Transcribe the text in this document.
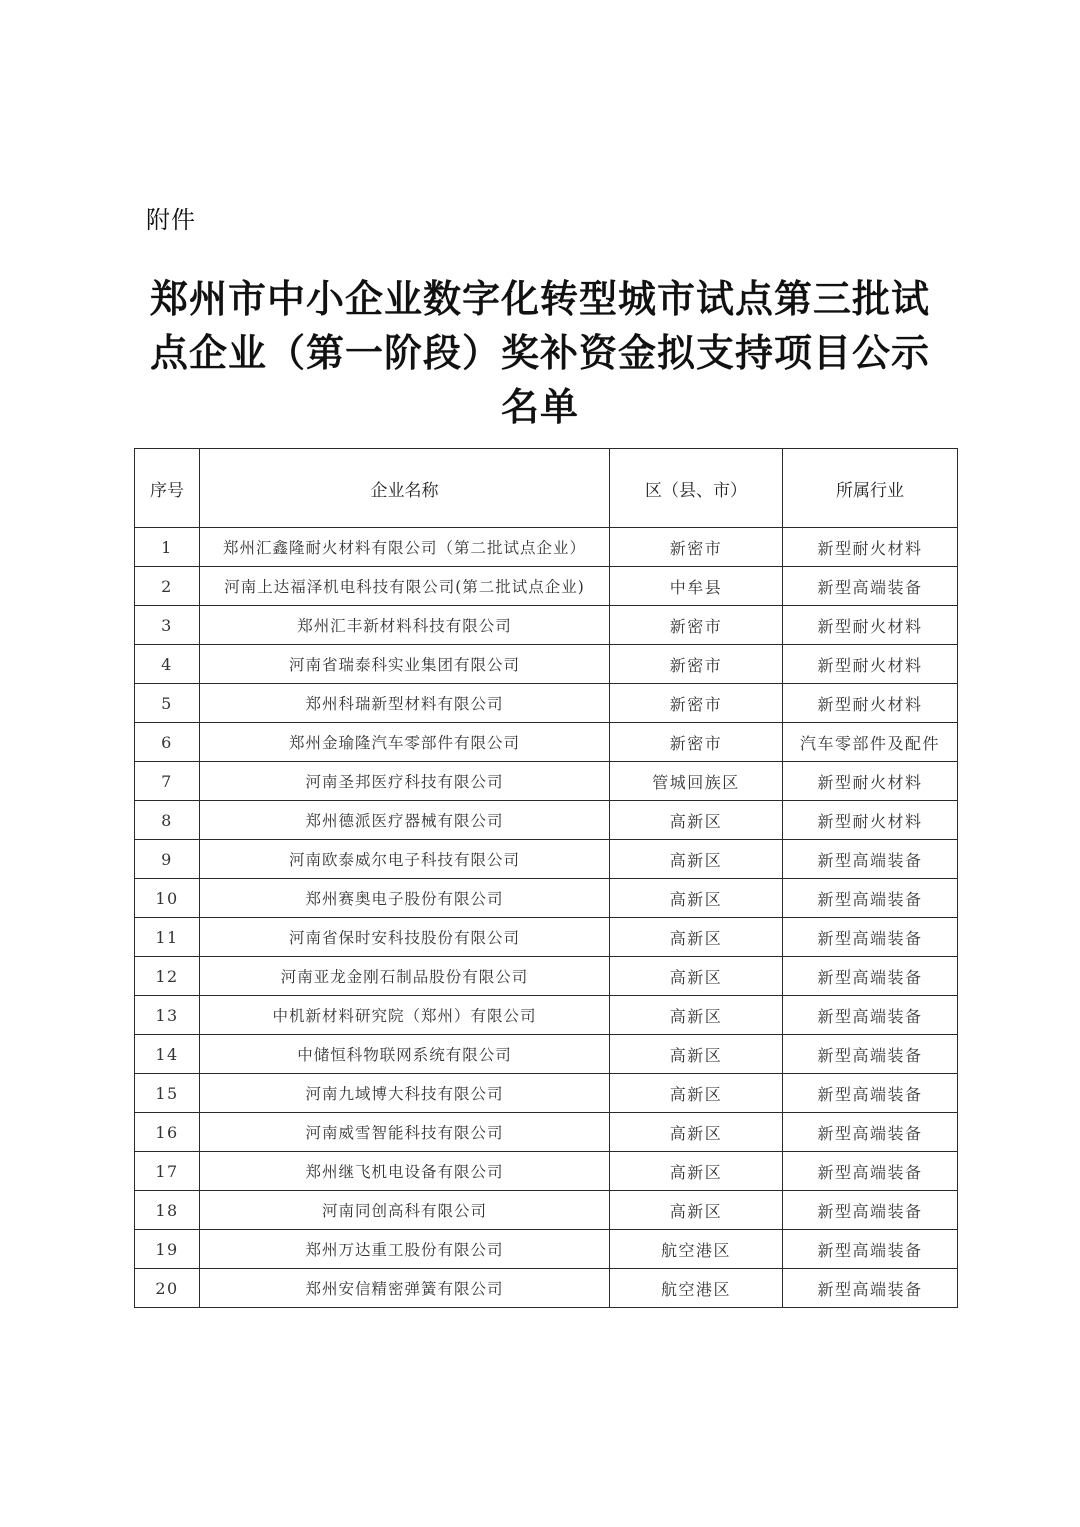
附件
郑州市中小企业数字化转型城市试点第三批试
点企业（第一阶段）奖补资金拟支持项目公示
名单
序号	企业名称	区（县、市）	所属行业
1	郑州汇鑫隆耐火材料有限公司（第二批试点企业）	新密市	新型耐火材料
2	河南上达福泽机电科技有限公司(第二批试点企业)	中牟县	新型高端装备
3	郑州汇丰新材料科技有限公司	新密市	新型耐火材料
4	河南省瑞泰科实业集团有限公司	新密市	新型耐火材料
5	郑州科瑞新型材料有限公司	新密市	新型耐火材料
6	郑州金瑜隆汽车零部件有限公司	新密市	汽车零部件及配件
7	河南圣邦医疗科技有限公司	管城回族区	新型耐火材料
8	郑州德派医疗器械有限公司	高新区	新型耐火材料
9	河南欧泰威尔电子科技有限公司	高新区	新型高端装备
10	郑州赛奥电子股份有限公司	高新区	新型高端装备
11	河南省保时安科技股份有限公司	高新区	新型高端装备
12	河南亚龙金刚石制品股份有限公司	高新区	新型高端装备
13	中机新材料研究院（郑州）有限公司	高新区	新型高端装备
14	中储恒科物联网系统有限公司	高新区	新型高端装备
15	河南九域博大科技有限公司	高新区	新型高端装备
16	河南威雪智能科技有限公司	高新区	新型高端装备
17	郑州继飞机电设备有限公司	高新区	新型高端装备
18	河南同创高科有限公司	高新区	新型高端装备
19	郑州万达重工股份有限公司	航空港区	新型高端装备
20	郑州安信精密弹簧有限公司	航空港区	新型高端装备
